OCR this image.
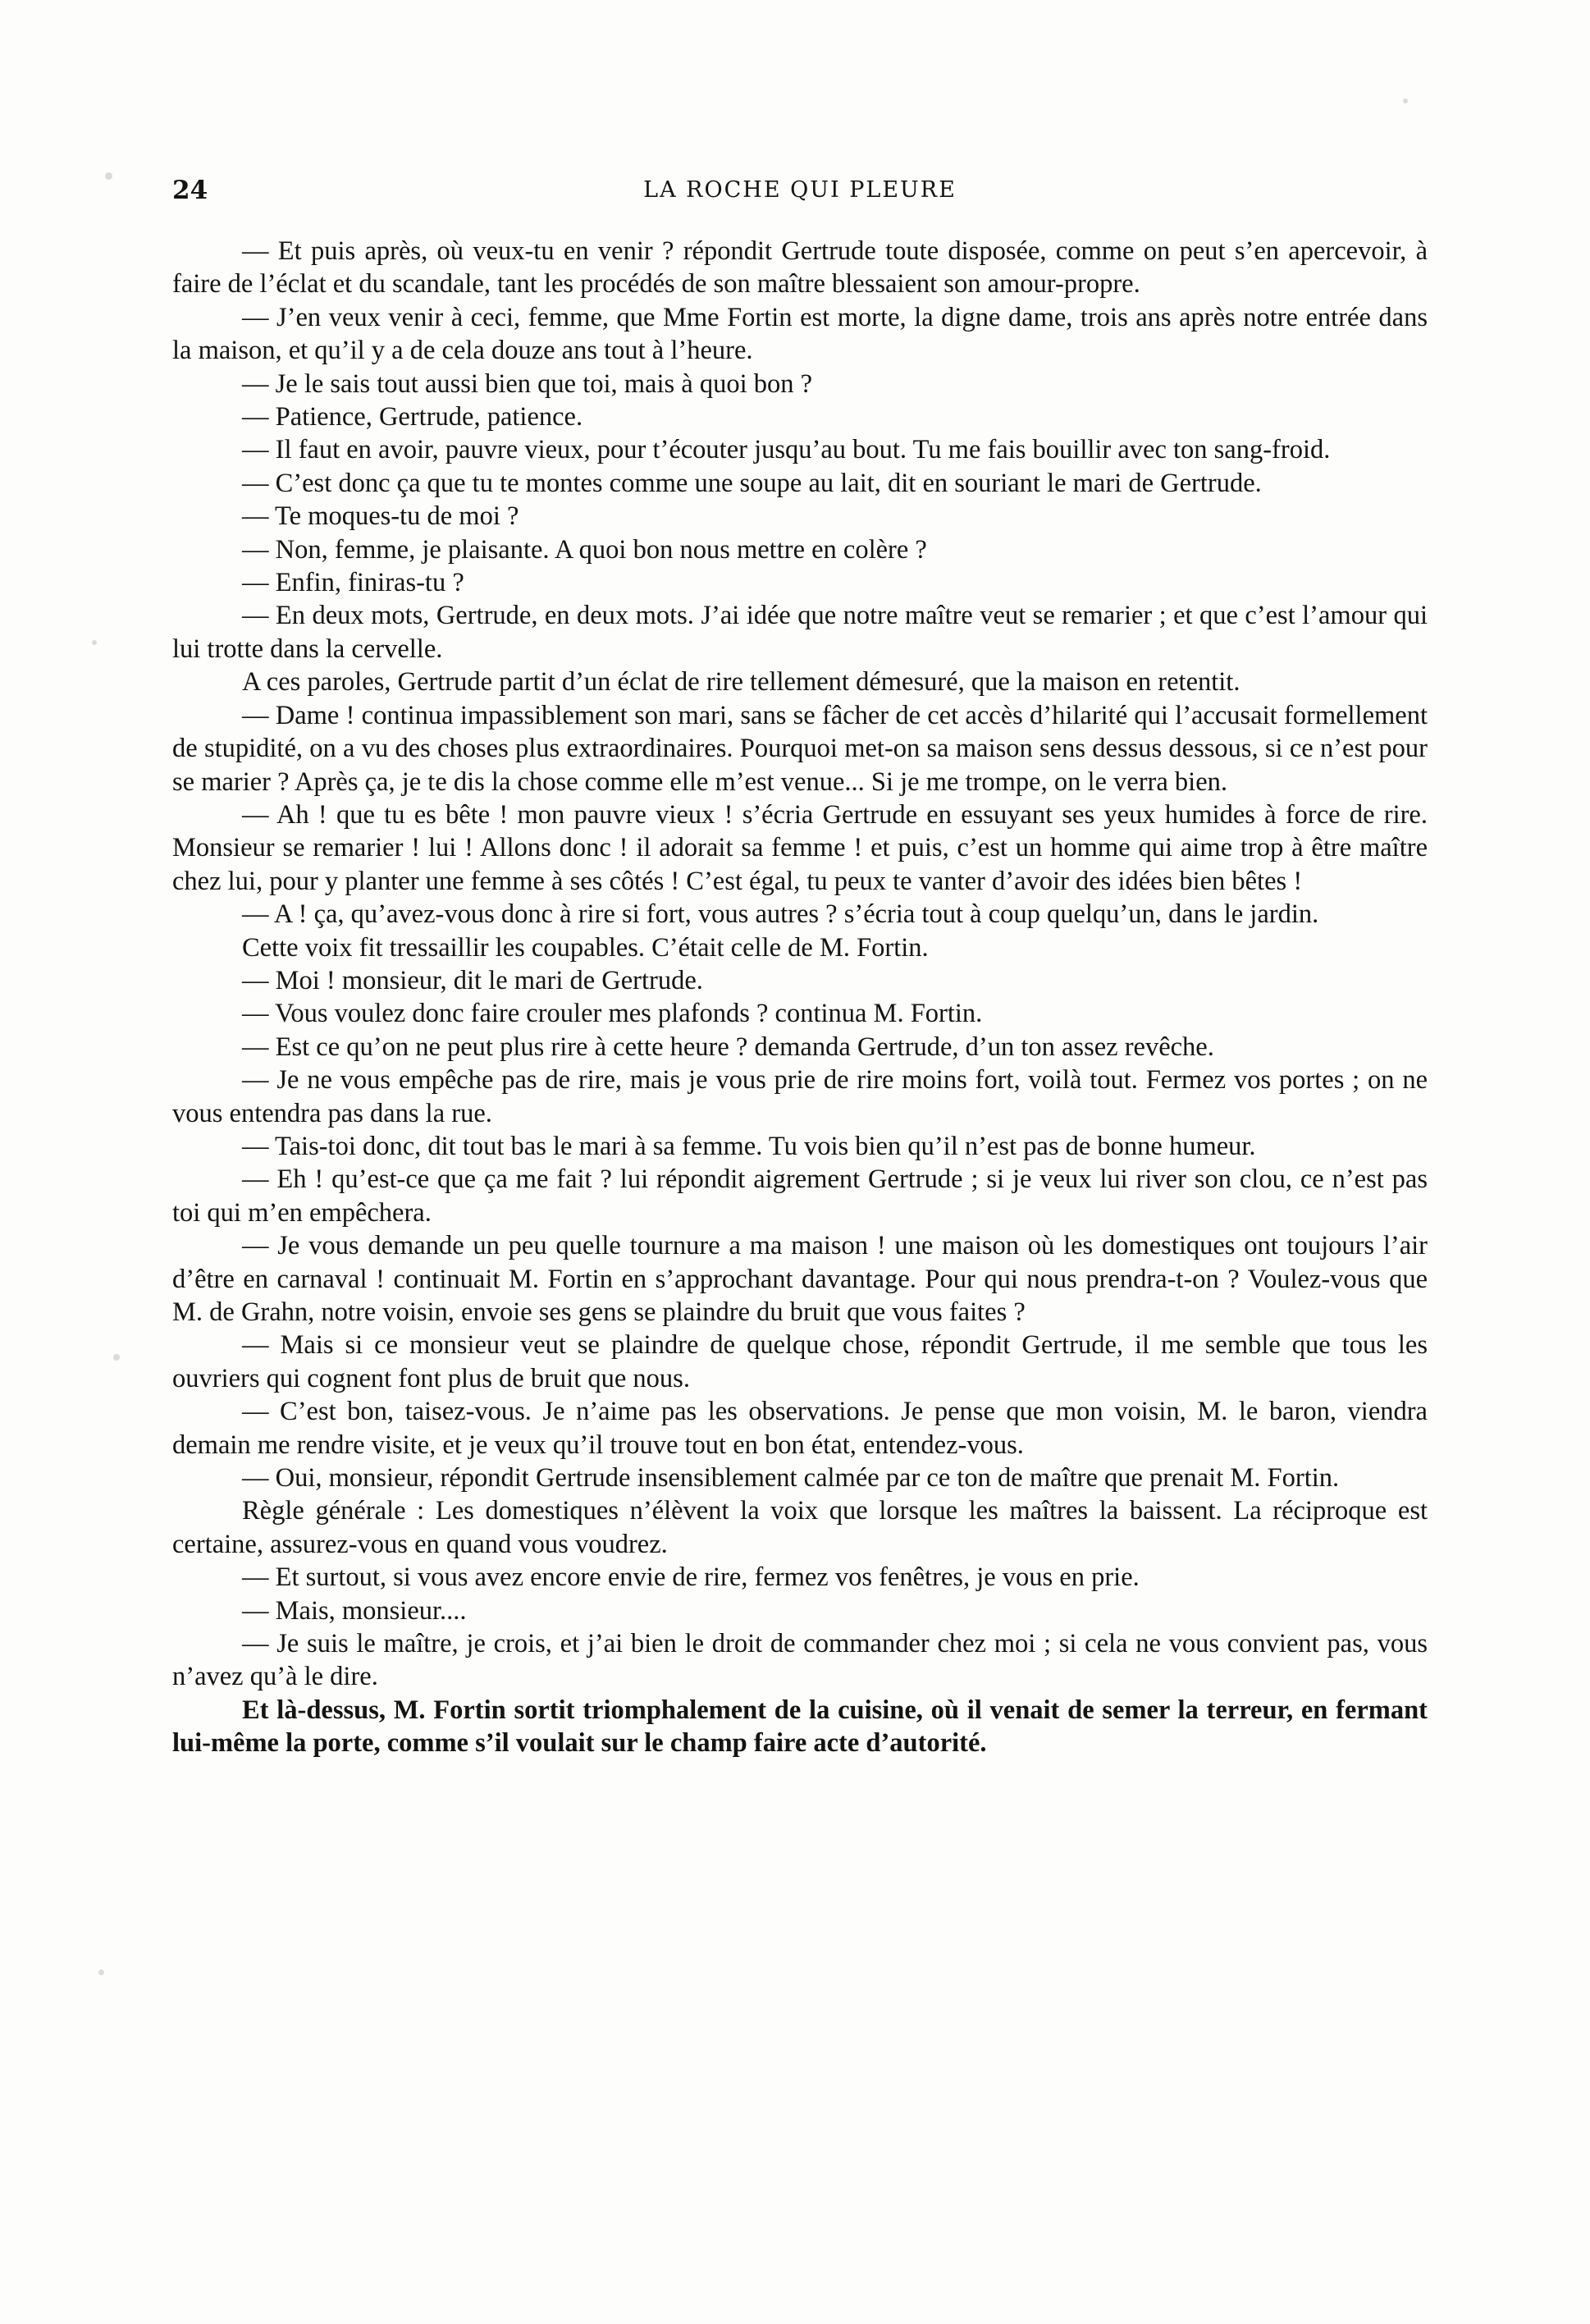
24	LA ROCHE QUI PLEURE

— Et puis après, où veux-tu en venir ? répondit Gertrude toute disposée, comme on peut s’en apercevoir, à faire de l’éclat et du scandale, tant les procédés de son maître blessaient son amour-propre.

— J’en veux venir à ceci, femme, que Mme Fortin est morte, la digne dame, trois ans après notre entrée dans la maison, et qu’il y a de cela douze ans tout à l’heure.

— Je le sais tout aussi bien que toi, mais à quoi bon ?

— Patience, Gertrude, patience.

— Il faut en avoir, pauvre vieux, pour t’écouter jusqu’au bout. Tu me fais bouillir avec ton sang-froid.

— C’est donc ça que tu te montes comme une soupe au lait, dit en souriant le mari de Gertrude.

— Te moques-tu de moi ?

— Non, femme, je plaisante. A quoi bon nous mettre en colère ?

— Enfin, finiras-tu ?

— En deux mots, Gertrude, en deux mots. J’ai idée que notre maître veut se remarier ; et que c’est l’amour qui lui trotte dans la cervelle.

A ces paroles, Gertrude partit d’un éclat de rire tellement démesuré, que la maison en retentit.

— Dame ! continua impassiblement son mari, sans se fâcher de cet accès d’hilarité qui l’accusait formellement de stupidité, on a vu des choses plus extraordinaires. Pourquoi met-on sa maison sens dessus dessous, si ce n’est pour se marier ? Après ça, je te dis la chose comme elle m’est venue... Si je me trompe, on le verra bien.

— Ah ! que tu es bête ! mon pauvre vieux ! s’écria Gertrude en essuyant ses yeux humides à force de rire. Monsieur se remarier ! lui ! Allons donc ! il adorait sa femme ! et puis, c’est un homme qui aime trop à être maître chez lui, pour y planter une femme à ses côtés ! C’est égal, tu peux te vanter d’avoir des idées bien bêtes !

— A ! ça, qu’avez-vous donc à rire si fort, vous autres ? s’écria tout à coup quelqu’un, dans le jardin.

Cette voix fit tressaillir les coupables. C’était celle de M. Fortin.

— Moi ! monsieur, dit le mari de Gertrude.

— Vous voulez donc faire crouler mes plafonds ? continua M. Fortin.

— Est ce qu’on ne peut plus rire à cette heure ? demanda Gertrude, d’un ton assez revêche.

— Je ne vous empêche pas de rire, mais je vous prie de rire moins fort, voilà tout. Fermez vos portes ; on ne vous entendra pas dans la rue.

— Tais-toi donc, dit tout bas le mari à sa femme. Tu vois bien qu’il n’est pas de bonne humeur.

— Eh ! qu’est-ce que ça me fait ? lui répondit aigrement Gertrude ; si je veux lui river son clou, ce n’est pas toi qui m’en empêchera.

— Je vous demande un peu quelle tournure a ma maison ! une maison où les domestiques ont toujours l’air d’être en carnaval ! continuait M. Fortin en s’approchant davantage. Pour qui nous prendra-t-on ? Voulez-vous que M. de Grahn, notre voisin, envoie ses gens se plaindre du bruit que vous faites ?

— Mais si ce monsieur veut se plaindre de quelque chose, répondit Gertrude, il me semble que tous les ouvriers qui cognent font plus de bruit que nous.

— C’est bon, taisez-vous. Je n’aime pas les observations. Je pense que mon voisin, M. le baron, viendra demain me rendre visite, et je veux qu’il trouve tout en bon état, entendez-vous.

— Oui, monsieur, répondit Gertrude insensiblement calmée par ce ton de maître que prenait M. Fortin.

Règle générale : Les domestiques n’élèvent la voix que lorsque les maîtres la baissent. La réciproque est certaine, assurez-vous en quand vous voudrez.

— Et surtout, si vous avez encore envie de rire, fermez vos fenêtres, je vous en prie.

— Mais, monsieur....

— Je suis le maître, je crois, et j’ai bien le droit de commander chez moi ; si cela ne vous convient pas, vous n’avez qu’à le dire.

Et là-dessus, M. Fortin sortit triomphalement de la cuisine, où il venait de semer la terreur, en fermant lui-même la porte, comme s’il voulait sur le champ faire acte d’autorité.
